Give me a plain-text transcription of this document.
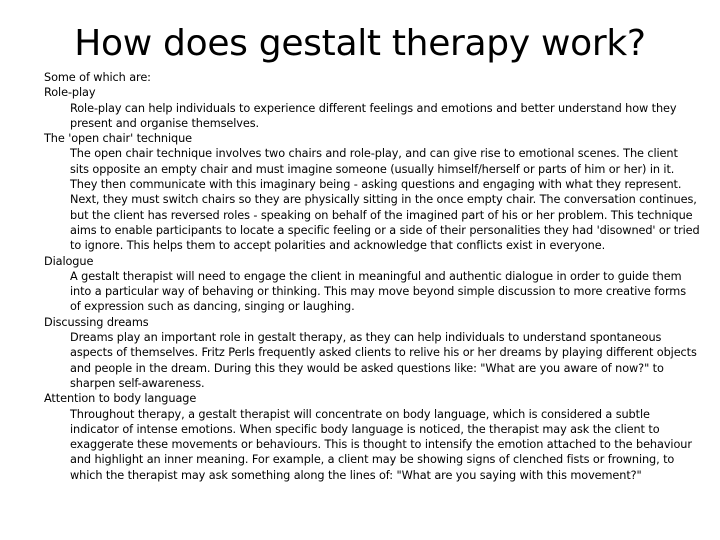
How does gestalt therapy work?

Some of which are:

Role-play

Role-play can help individuals to experience different feelings and emotions and better understand how they present and organise themselves.

The 'open chair' technique

The open chair technique involves two chairs and role-play, and can give rise to emotional scenes. The client sits opposite an empty chair and must imagine someone (usually himself/herself or parts of him or her) in it. They then communicate with this imaginary being - asking questions and engaging with what they represent. Next, they must switch chairs so they are physically sitting in the once empty chair. The conversation continues, but the client has reversed roles - speaking on behalf of the imagined part of his or her problem. This technique aims to enable participants to locate a specific feeling or a side of their personalities they had 'disowned' or tried to ignore. This helps them to accept polarities and acknowledge that conflicts exist in everyone.

Dialogue

A gestalt therapist will need to engage the client in meaningful and authentic dialogue in order to guide them into a particular way of behaving or thinking. This may move beyond simple discussion to more creative forms of expression such as dancing, singing or laughing.

Discussing dreams

Dreams play an important role in gestalt therapy, as they can help individuals to understand spontaneous aspects of themselves. Fritz Perls frequently asked clients to relive his or her dreams by playing different objects and people in the dream. During this they would be asked questions like: "What are you aware of now?" to sharpen self-awareness.

Attention to body language

Throughout therapy, a gestalt therapist will concentrate on body language, which is considered a subtle indicator of intense emotions. When specific body language is noticed, the therapist may ask the client to exaggerate these movements or behaviours. This is thought to intensify the emotion attached to the behaviour and highlight an inner meaning. For example, a client may be showing signs of clenched fists or frowning, to which the therapist may ask something along the lines of: "What are you saying with this movement?"
